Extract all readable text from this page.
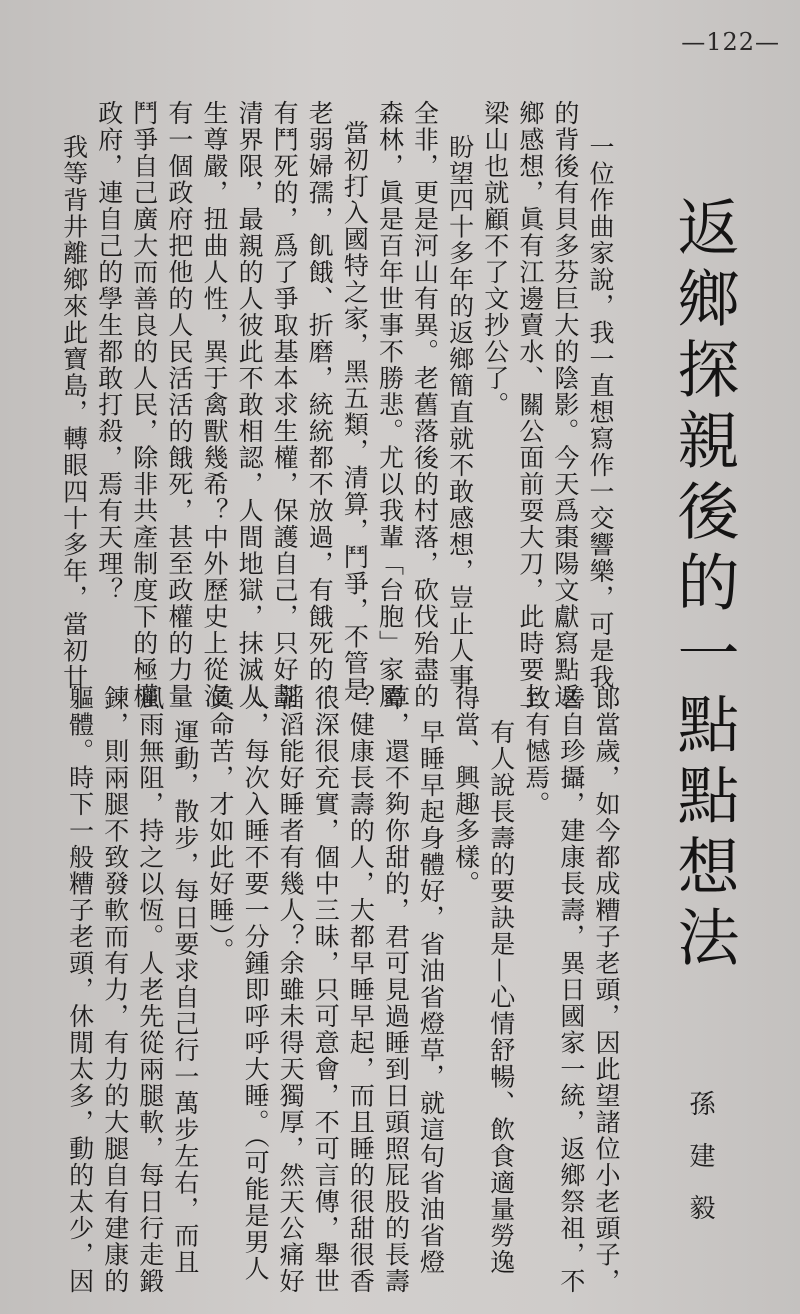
—122—
返鄉探親後的一點點想法
孫建毅
一位作曲家說，我一直想寫作一交響樂，可是我
的背後有貝多芬巨大的陰影。今天爲棗陽文獻寫點返
鄉感想，眞有江邊賣水、關公面前耍大刀，此時要上
梁山也就顧不了文抄公了。
盼望四十多年的返鄉簡直就不敢感想，豈止人事
全非，更是河山有異。老舊落後的村落，砍伐殆盡的
森林，眞是百年世事不勝悲。尤以我輩「台胞」家屬
當初打入國特之家，黑五類，清算，鬥爭，不管是
老弱婦孺，飢餓、折磨，統統都不放過，有餓死的，
有鬥死的，爲了爭取基本求生權，保護自己，只好劃
清界限，最親的人彼此不敢相認，人間地獄，抹滅人
生尊嚴，扭曲人性，異于禽獸幾希？中外歷史上從沒
有一個政府把他的人民活活的餓死，甚至政權的力量
鬥爭自己廣大而善良的人民，除非共產制度下的極權
政府，連自己的學生都敢打殺，焉有天理？
我等背井離鄉來此寶島，轉眼四十多年，當初廿
郎當歲，如今都成糟子老頭，因此望諸位小老頭子，
善自珍攝，建康長壽，異日國家一統，返鄉祭祖，不
致有憾焉。
有人說長壽的要訣是—心情舒暢、飲食適量勞逸
得當、興趣多樣。
早睡早起身體好，省油省燈草，就這句省油省燈
草，還不夠你甜的，君可見過睡到日頭照屁股的長壽
？健康長壽的人，大都早睡早起，而且睡的很甜很香
很深很充實，個中三昧，只可意會，不可言傳，舉世
滔滔能好睡者有幾人？余雖未得天獨厚，然天公痛好
人，每次入睡不要一分鍾即呼呼大睡。（可能是男人
眞命苦，才如此好睡）。
運動，散步，每日要求自己行一萬步左右，而且
風雨無阻，持之以恆。人老先從兩腿軟，每日行走鍛
鍊，則兩腿不致發軟而有力，有力的大腿自有建康的
軀體。時下一般糟子老頭，休閒太多，動的太少，因
